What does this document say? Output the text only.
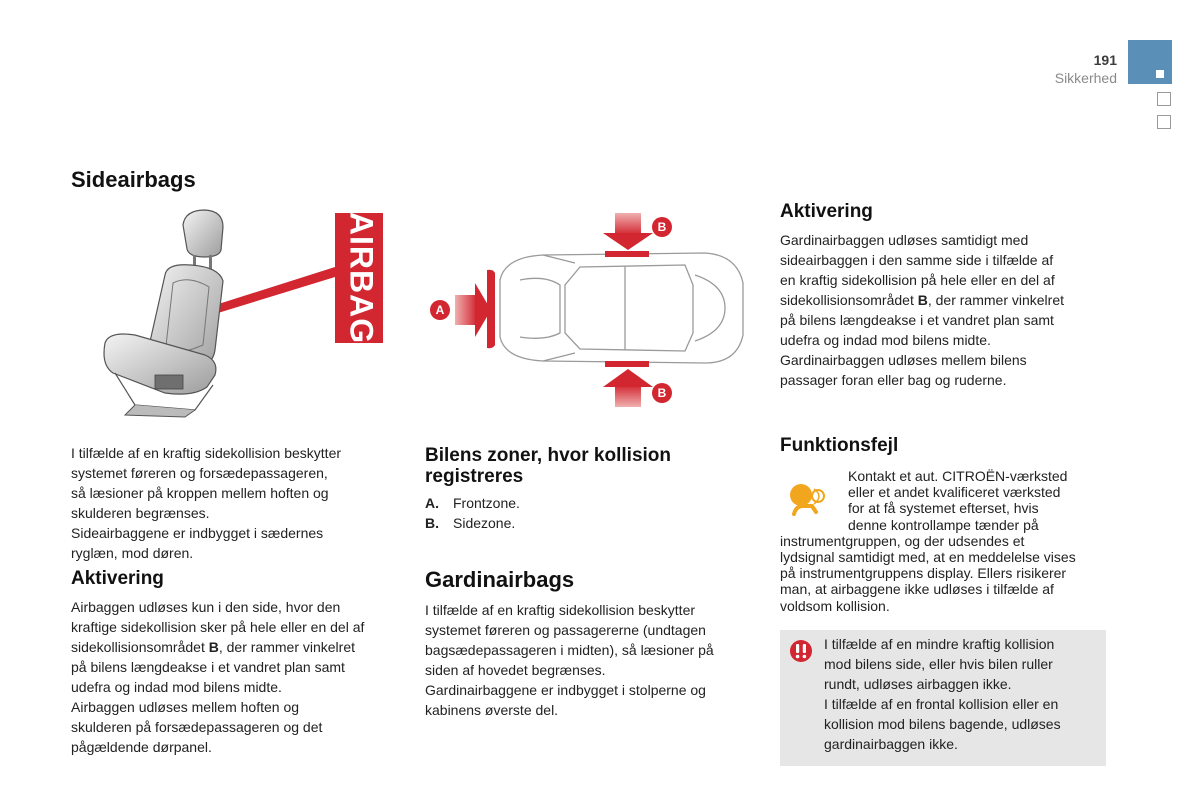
191
Sikkerhed
Sideairbags
AIRBAG	A
B
B
I tilfælde af en kraftig sidekollision beskytter
systemet føreren og forsædepassageren,
så læsioner på kroppen mellem hoften og
skulderen begrænses.
Sideairbaggene er indbygget i sædernes
ryglæn, mod døren.
Aktivering
Airbaggen udløses kun i den side, hvor den
kraftige sidekollision sker på hele eller en del af
sidekollisionsområdet B, der rammer vinkelret
på bilens længdeakse i et vandret plan samt
udefra og indad mod bilens midte.
Airbaggen udløses mellem hoften og
skulderen på forsædepassageren og det
pågældende dørpanel.
Bilens zoner, hvor kollision
registreres
A.	Frontzone.
B.	Sidezone.
Gardinairbags
I tilfælde af en kraftig sidekollision beskytter
systemet føreren og passagererne (undtagen
bagsædepassageren i midten), så læsioner på
siden af hovedet begrænses.
Gardinairbaggene er indbygget i stolperne og
kabinens øverste del.
Aktivering
Gardinairbaggen udløses samtidigt med
sideairbaggen i den samme side i tilfælde af
en kraftig sidekollision på hele eller en del af
sidekollisionsområdet B, der rammer vinkelret
på bilens længdeakse i et vandret plan samt
udefra og indad mod bilens midte.
Gardinairbaggen udløses mellem bilens
passager foran eller bag og ruderne.
Funktionsfejl
Kontakt et aut. CITROËN-værksted
eller et andet kvalificeret værksted
for at få systemet efterset, hvis
denne kontrollampe tænder på
instrumentgruppen, og der udsendes et
lydsignal samtidigt med, at en meddelelse vises
på instrumentgruppens display. Ellers risikerer
man, at airbaggene ikke udløses i tilfælde af
voldsom kollision.
I tilfælde af en mindre kraftig kollision
mod bilens side, eller hvis bilen ruller
rundt, udløses airbaggen ikke.
I tilfælde af en frontal kollision eller en
kollision mod bilens bagende, udløses
gardinairbaggen ikke.
